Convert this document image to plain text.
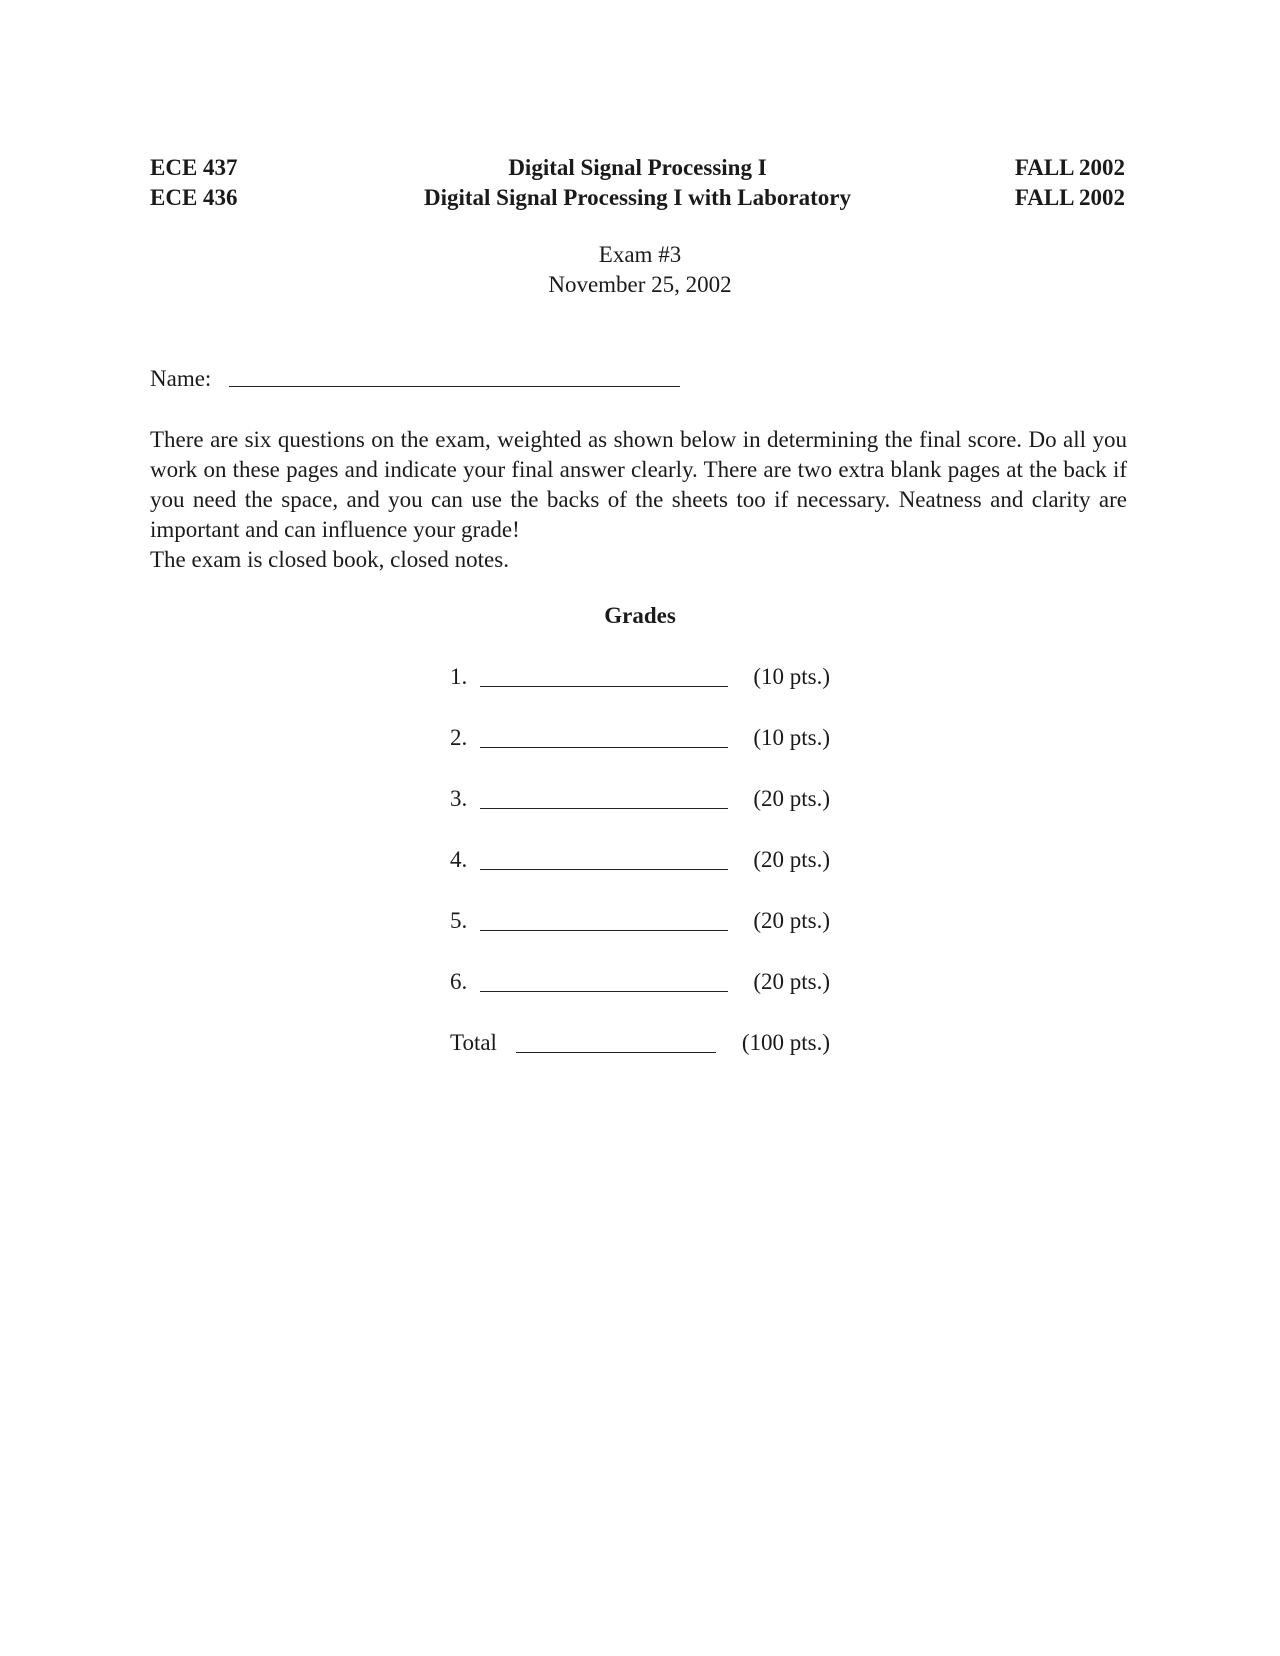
ECE 437	Digital Signal Processing I	FALL 2002
ECE 436	Digital Signal Processing I with Laboratory	FALL 2002
Exam #3
November 25, 2002
Name:

There are six questions on the exam, weighted as shown below in determining the final score. Do all you work on these pages and indicate your final answer clearly. There are two extra blank pages at the back if you need the space, and you can use the backs of the sheets too if necessary. Neatness and clarity are important and can influence your grade!

The exam is closed book, closed notes.

Grades
1.	(10 pts.)
2.	(10 pts.)
3.	(20 pts.)
4.	(20 pts.)
5.	(20 pts.)
6.	(20 pts.)
Total	(100 pts.)
